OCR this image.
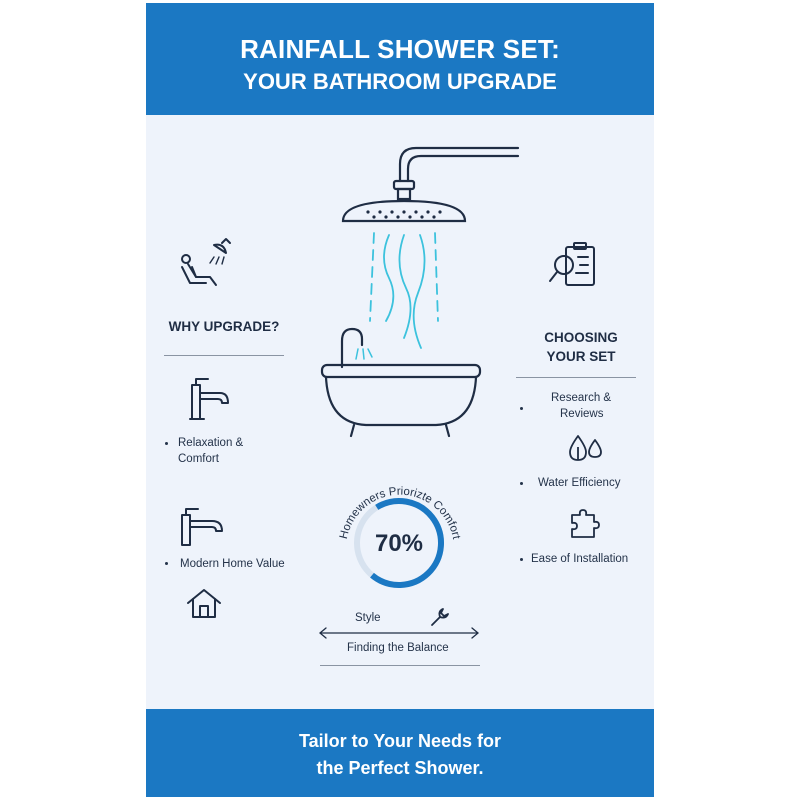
RAINFALL SHOWER SET:
YOUR BATHROOM UPGRADE
WHY UPGRADE?
Relaxation &
Comfort
Modern Home Value
CHOOSING
YOUR SET
Research &
Reviews
Water Efficiency
Ease of Installation
Homewners Priorizte Comfort
70%
Style
Finding the Balance
Tailor to Your Needs for
the Perfect Shower.
